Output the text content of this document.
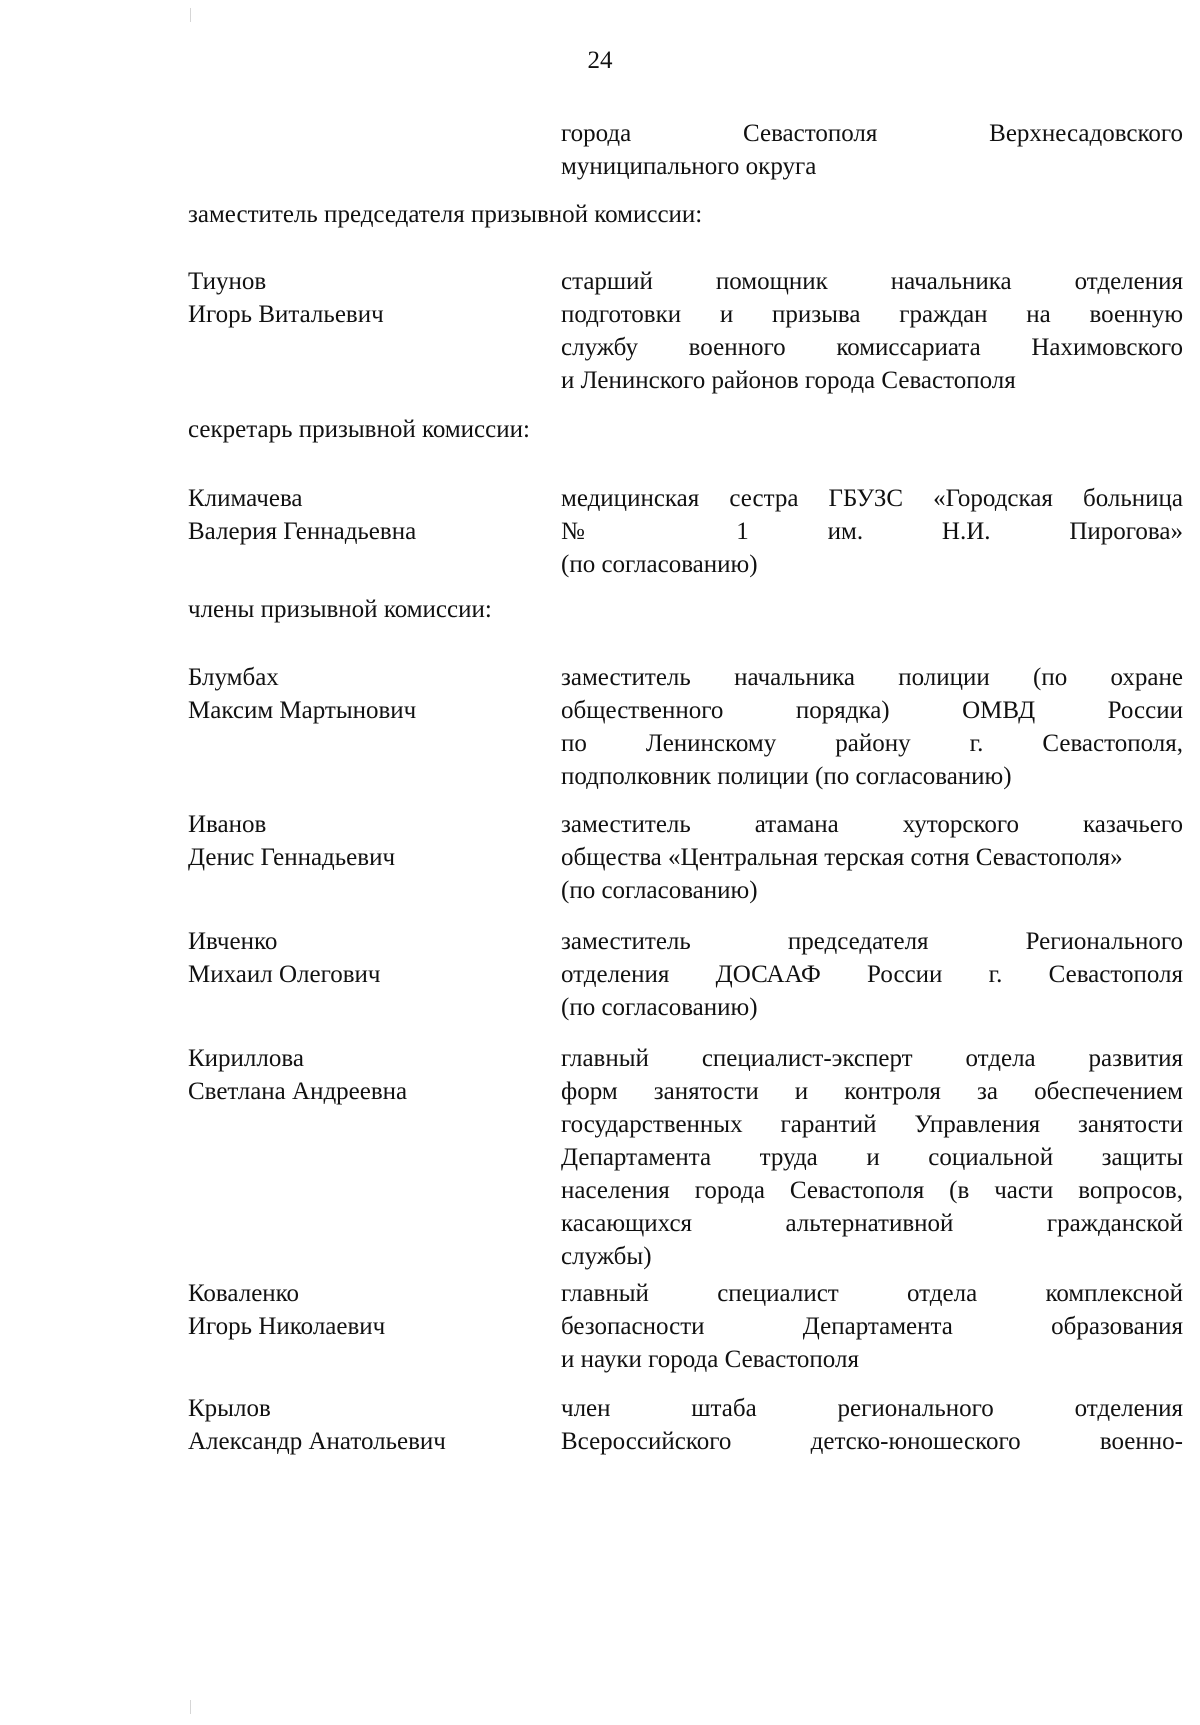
24
города Севастополя Верхнесадовского
муниципального округа
заместитель председателя призывной комиссии:
Тиунов
Игорь Витальевич
старший помощник начальника отделения
подготовки и призыва граждан на военную
службу военного комиссариата Нахимовского
и Ленинского районов города Севастополя
секретарь призывной комиссии:
Климачева
Валерия Геннадьевна
медицинская сестра ГБУЗС «Городская больница
№ 1 им. Н.И. Пирогова»
(по согласованию)
члены призывной комиссии:
Блумбах
Максим Мартынович
заместитель начальника полиции (по охране
общественного порядка) ОМВД России
по Ленинскому району г. Севастополя,
подполковник полиции (по согласованию)
Иванов
Денис Геннадьевич
заместитель атамана хуторского казачьего
общества «Центральная терская сотня Севастополя»
(по согласованию)
Ивченко
Михаил Олегович
заместитель председателя Регионального
отделения ДОСААФ России г. Севастополя
(по согласованию)
Кириллова
Светлана Андреевна
главный специалист-эксперт отдела развития
форм занятости и контроля за обеспечением
государственных гарантий Управления занятости
Департамента труда и социальной защиты
населения города Севастополя (в части вопросов,
касающихся альтернативной гражданской
службы)
Коваленко
Игорь Николаевич
главный специалист отдела комплексной
безопасности Департамента образования
и науки города Севастополя
Крылов
Александр Анатольевич
член штаба регионального отделения
Всероссийского детско-юношеского военно-
